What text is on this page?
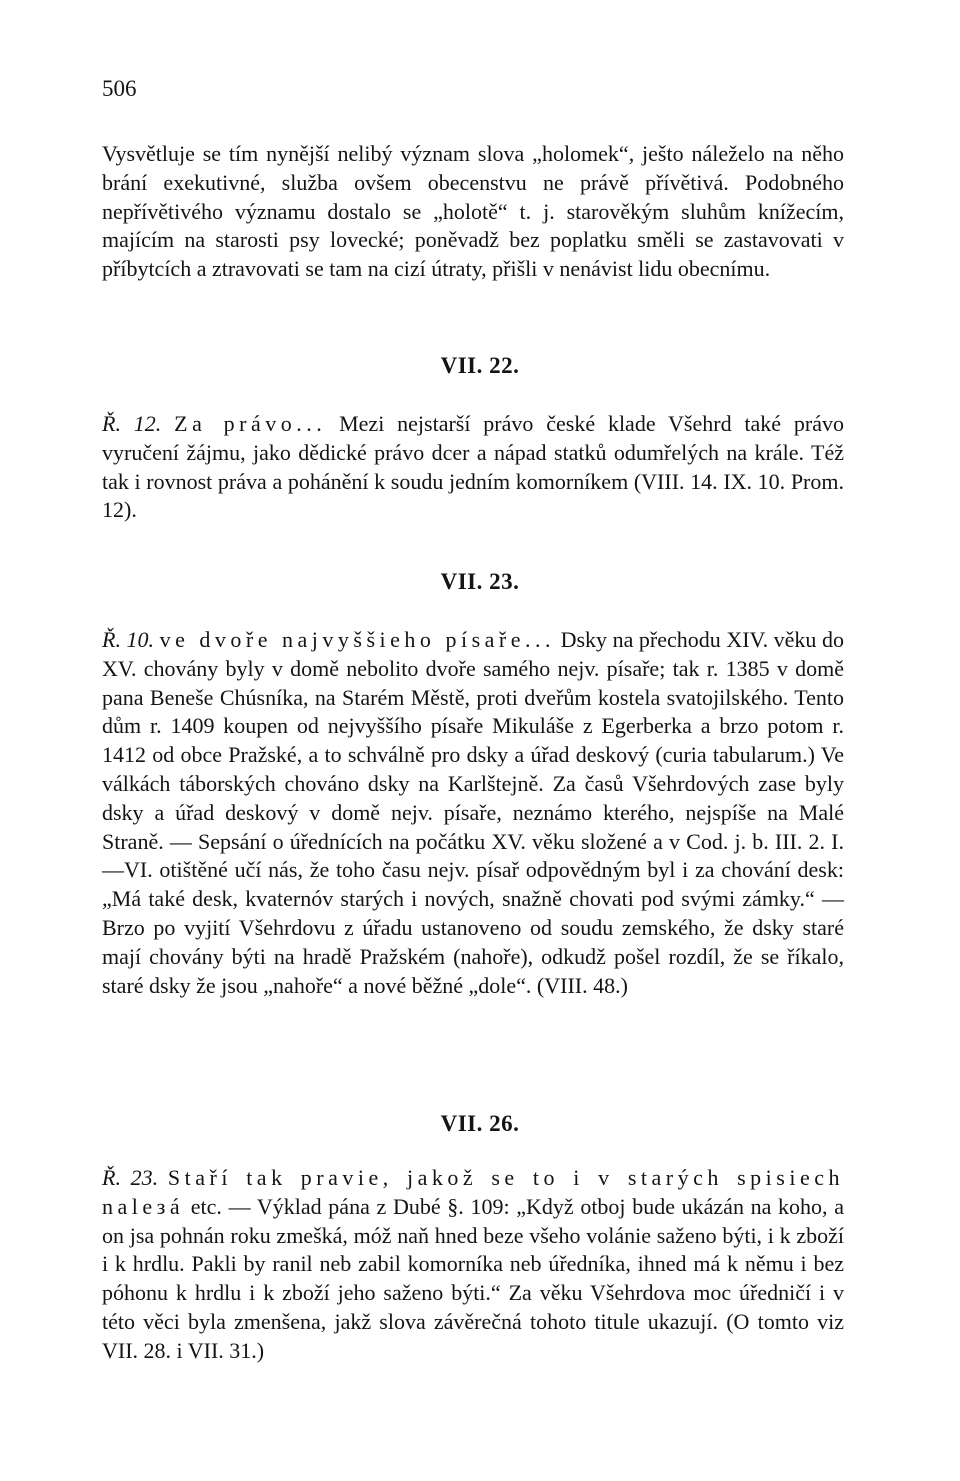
506

Vysvětluje se tím nynější nelibý význam slova „holomek“, ješto náleželo na něho brání exekutivné, služba ovšem obecenstvu ne právě přívětivá. Podobného nepřívětivého významu dostalo se „holotě“ t. j. starověkým sluhům knížecím, majícím na starosti psy lovecké; poněvadž bez poplatku směli se zastavovati v příbytcích a ztravovati se tam na cizí útraty, přišli v nenávist lidu obecnímu.

VII. 22.

Ř. 12. Za právo... Mezi nejstarší právo české klade Všehrd také právo vyručení žájmu, jako dědické právo dcer a nápad statků odumřelých na krále. Též tak i rovnost práva a pohánění k soudu jedním komorníkem (VIII. 14. IX. 10. Prom. 12).

VII. 23.

Ř. 10. ve dvoře najvyššieho písaře... Dsky na přechodu XIV. věku do XV. chovány byly v domě nebolito dvoře samého nejv. písaře; tak r. 1385 v domě pana Beneše Chúsníka, na Starém Městě, proti dveřům kostela svatojilského. Tento dům r. 1409 koupen od nejvyššího písaře Mikuláše z Egerberka a brzo potom r. 1412 od obce Pražské, a to schválně pro dsky a úřad deskový (curia tabularum.) Ve válkách táborských chováno dsky na Karlštejně. Za časů Všehrdových zase byly dsky a úřad deskový v domě nejv. písaře, neznámo kterého, nejspíše na Malé Straně. — Sepsání o úřednících na počátku XV. věku složené a v Cod. j. b. III. 2. I.—VI. otištěné učí nás, že toho času nejv. písař odpovědným byl i za chování desk: „Má také desk, kvaternóv starých i nových, snažně chovati pod svými zámky.“ — Brzo po vyjití Všehrdovu z úřadu ustanoveno od soudu zemského, že dsky staré mají chovány býti na hradě Pražském (nahoře), odkudž pošel rozdíl, že se říkalo, staré dsky že jsou „nahoře“ a nové běžné „dole“. (VIII. 48.)

VII. 26.

Ř. 23. Staří tak pravie, jakož se to i v starých spisiech naleзá etc. — Výklad pána z Dubé §. 109: „Když otboj bude ukázán na koho, a on jsa pohnán roku zmešká, móž naň hned beze všeho volánie saženo býti, i k zboží i k hrdlu. Pakli by ranil neb zabil komorníka neb úředníka, ihned má k němu i bez póhonu k hrdlu i k zboží jeho saženo býti.“ Za věku Všehrdova moc úředničí i v této věci byla zmenšena, jakž slova závěrečná tohoto titule ukazují. (O tomto viz VII. 28. i VII. 31.)
